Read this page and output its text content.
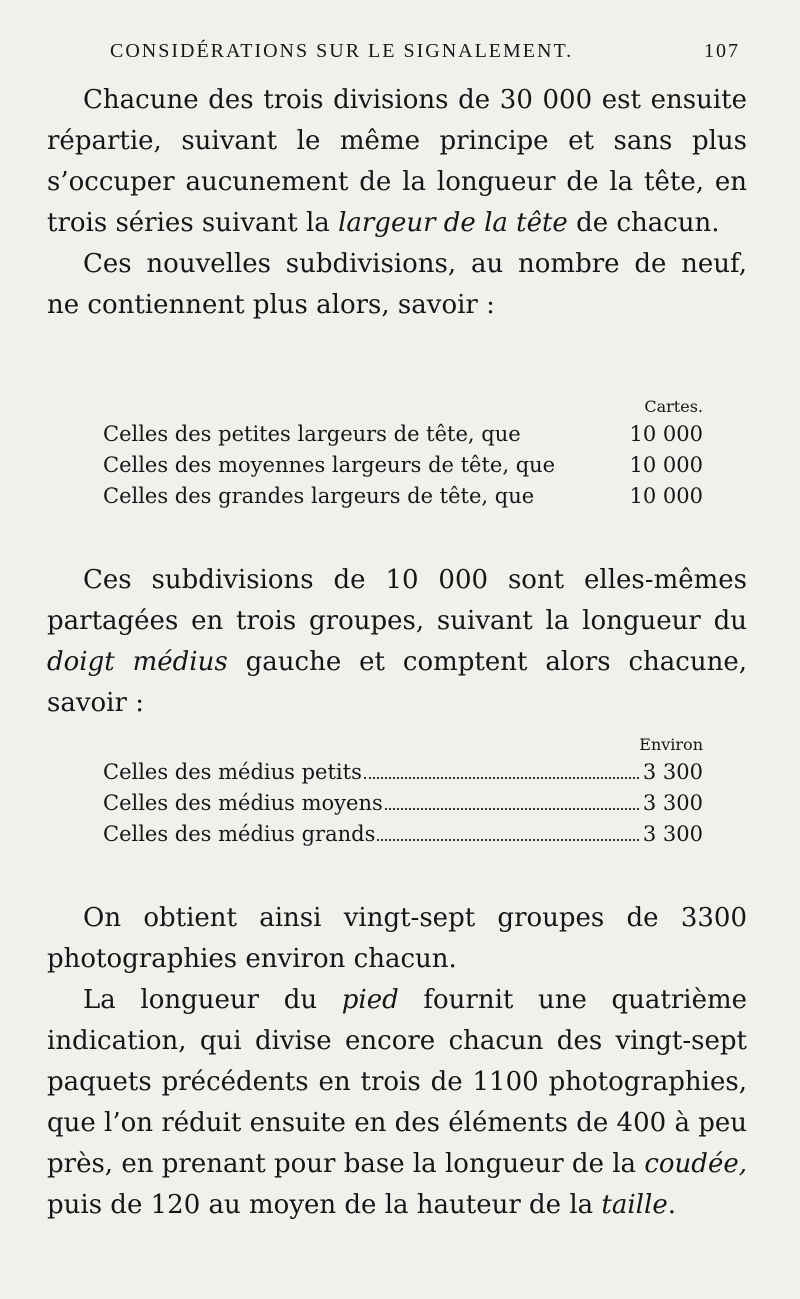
CONSIDÉRATIONS SUR LE SIGNALEMENT.	107

Chacune des trois divisions de 30 000 est ensuite répartie, suivant le même principe et sans plus s’occuper aucunement de la longueur de la tête, en trois séries suivant la largeur de la tête de chacun.

Ces nouvelles subdivisions, au nombre de neuf, ne contiennent plus alors, savoir :

Cartes.
Celles des petites largeurs de tête, que	10 000
Celles des moyennes largeurs de tête, que	10 000
Celles des grandes largeurs de tête, que	10 000

Ces subdivisions de 10 000 sont elles-mêmes partagées en trois groupes, suivant la longueur du doigt médius gauche et comptent alors chacune, savoir :

Environ
Celles des médius petits	3 300
Celles des médius moyens	3 300
Celles des médius grands	3 300

On obtient ainsi vingt-sept groupes de 3300 photographies environ chacun.

La longueur du pied fournit une quatrième indication, qui divise encore chacun des vingt-sept paquets précédents en trois de 1100 photographies, que l’on réduit ensuite en des éléments de 400 à peu près, en prenant pour base la longueur de la coudée, puis de 120 au moyen de la hauteur de la taille.
